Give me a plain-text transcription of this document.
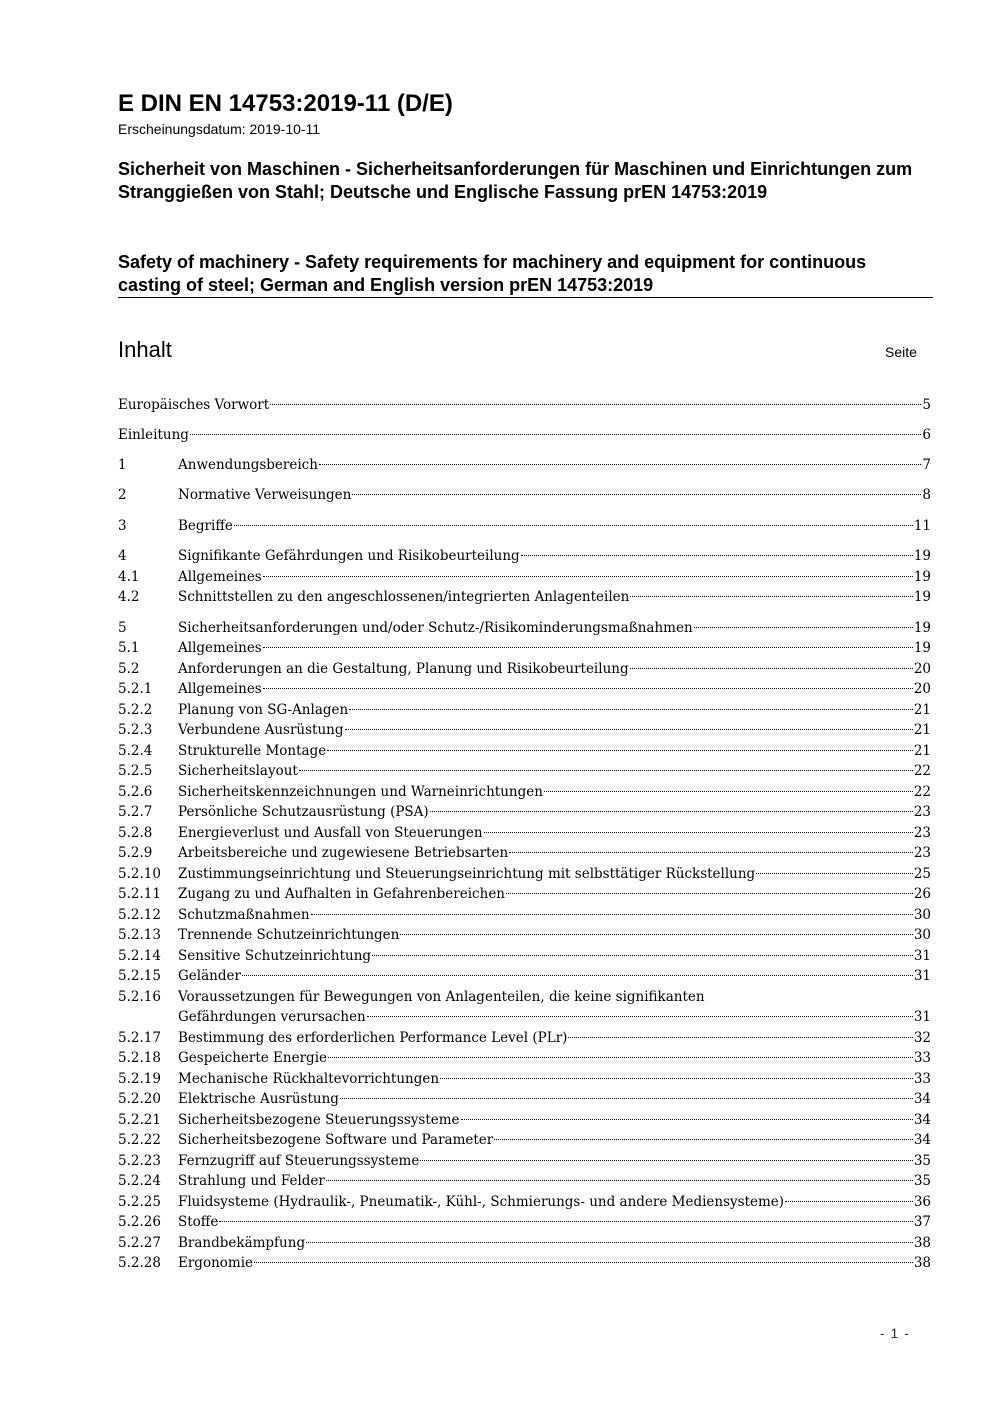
E DIN EN 14753:2019-11 (D/E)
Erscheinungsdatum: 2019-10-11
Sicherheit von Maschinen - Sicherheitsanforderungen für Maschinen und Einrichtungen zum Stranggießen von Stahl; Deutsche und Englische Fassung prEN 14753:2019
Safety of machinery - Safety requirements for machinery and equipment for continuous casting of steel; German and English version prEN 14753:2019
Inhalt	Seite
Europäisches Vorwort	5
Einleitung	6
1	Anwendungsbereich	7
2	Normative Verweisungen	8
3	Begriffe	11
4	Signifikante Gefährdungen und Risikobeurteilung	19
4.1	Allgemeines	19
4.2	Schnittstellen zu den angeschlossenen/integrierten Anlagenteilen	19
5	Sicherheitsanforderungen und/oder Schutz-/Risikominderungsmaßnahmen	19
5.1	Allgemeines	19
5.2	Anforderungen an die Gestaltung, Planung und Risikobeurteilung	20
5.2.1	Allgemeines	20
5.2.2	Planung von SG-Anlagen	21
5.2.3	Verbundene Ausrüstung	21
5.2.4	Strukturelle Montage	21
5.2.5	Sicherheitslayout	22
5.2.6	Sicherheitskennzeichnungen und Warneinrichtungen	22
5.2.7	Persönliche Schutzausrüstung (PSA)	23
5.2.8	Energieverlust und Ausfall von Steuerungen	23
5.2.9	Arbeitsbereiche und zugewiesene Betriebsarten	23
5.2.10	Zustimmungseinrichtung und Steuerungseinrichtung mit selbsttätiger Rückstellung	25
5.2.11	Zugang zu und Aufhalten in Gefahrenbereichen	26
5.2.12	Schutzmaßnahmen	30
5.2.13	Trennende Schutzeinrichtungen	30
5.2.14	Sensitive Schutzeinrichtung	31
5.2.15	Geländer	31
5.2.16	Voraussetzungen für Bewegungen von Anlagenteilen, die keine signifikanten
Gefährdungen verursachen	31
5.2.17	Bestimmung des erforderlichen Performance Level (PLr)	32
5.2.18	Gespeicherte Energie	33
5.2.19	Mechanische Rückhaltevorrichtungen	33
5.2.20	Elektrische Ausrüstung	34
5.2.21	Sicherheitsbezogene Steuerungssysteme	34
5.2.22	Sicherheitsbezogene Software und Parameter	34
5.2.23	Fernzugriff auf Steuerungssysteme	35
5.2.24	Strahlung und Felder	35
5.2.25	Fluidsysteme (Hydraulik-, Pneumatik-, Kühl-, Schmierungs- und andere Mediensysteme)	36
5.2.26	Stoffe	37
5.2.27	Brandbekämpfung	38
5.2.28	Ergonomie	38
- 1 -
